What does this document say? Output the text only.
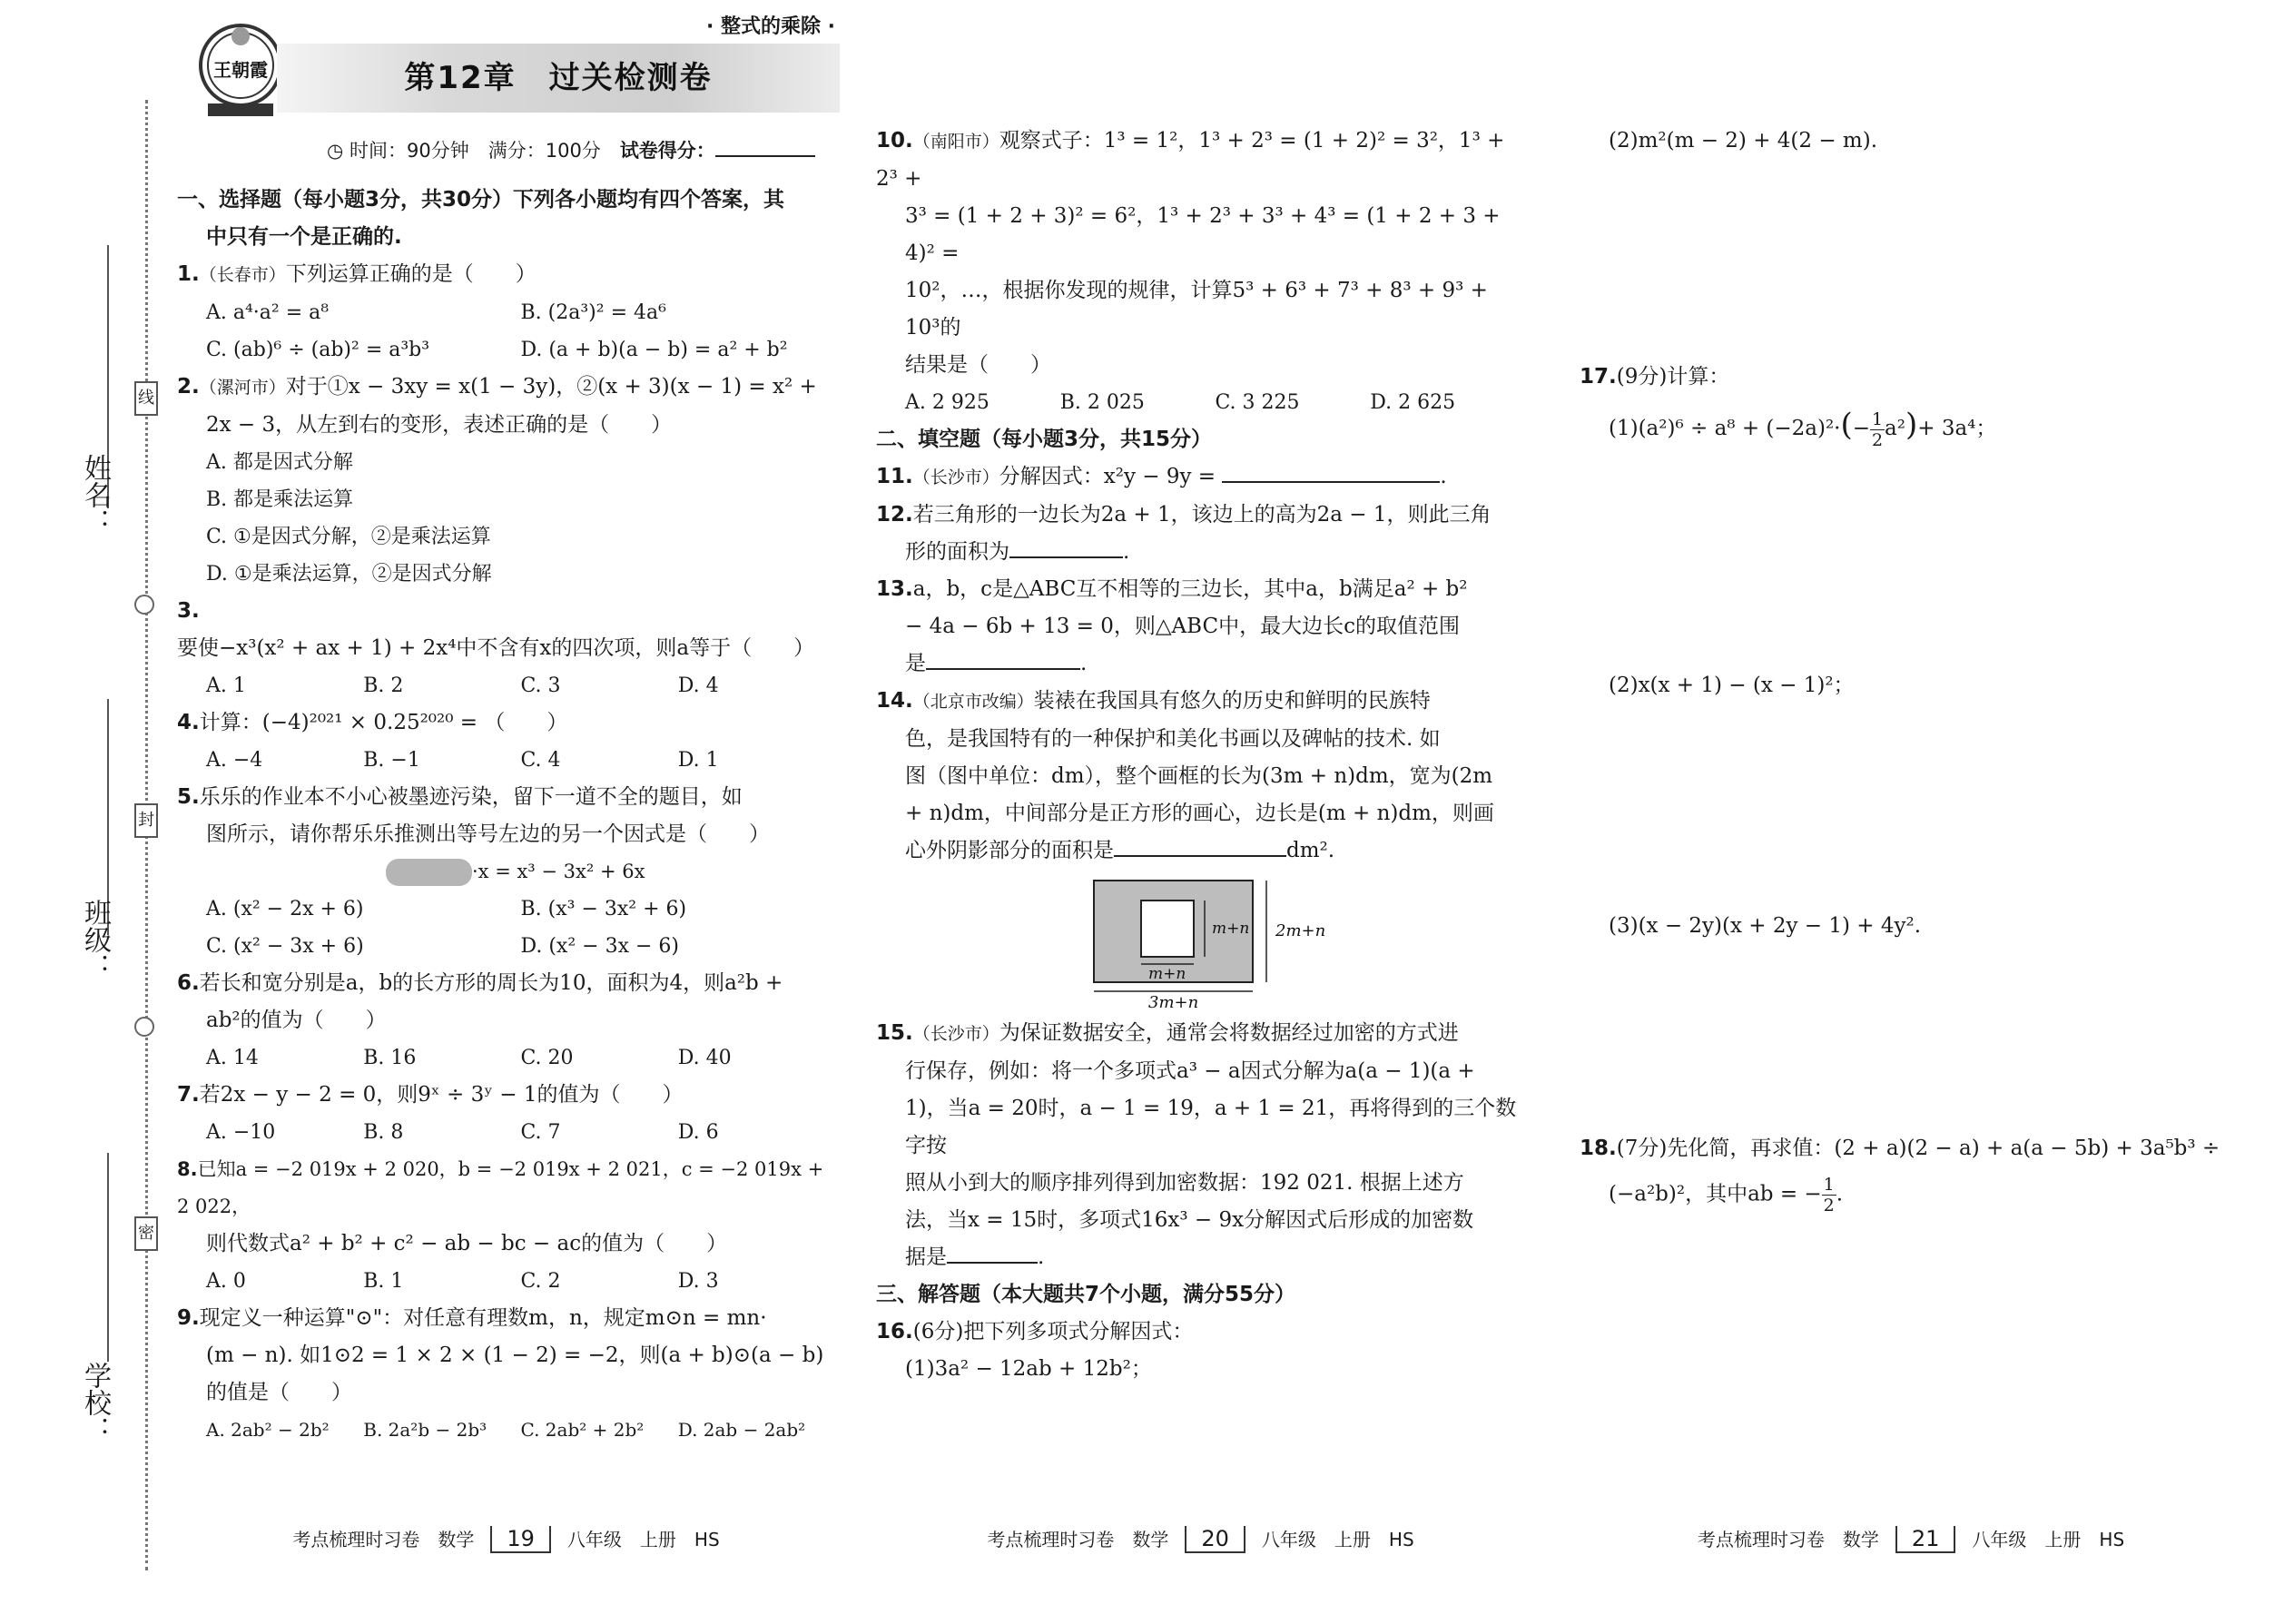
姓名：
班级：
学校：
线
封
密
王朝霞	第12章　过关检测卷
· 整式的乘除 ·
◷ 时间：90分钟　满分：100分　试卷得分：
一、选择题（每小题3分，共30分）下列各小题均有四个答案，其
中只有一个是正确的.
1.（长春市）下列运算正确的是（　　）
A. a⁴·a² = a⁸	B. (2a³)² = 4a⁶
C. (ab)⁶ ÷ (ab)² = a³b³	D. (a + b)(a − b) = a² + b²
2.（漯河市）对于①x − 3xy = x(1 − 3y)，②(x + 3)(x − 1) = x² +
2x − 3，从左到右的变形，表述正确的是（　　）
A. 都是因式分解
B. 都是乘法运算
C. ①是因式分解，②是乘法运算
D. ①是乘法运算，②是因式分解
3.要使−x³(x² + ax + 1) + 2x⁴中不含有x的四次项，则a等于（　　）
A. 1	B. 2	C. 3	D. 4
4.计算：(−4)²⁰²¹ × 0.25²⁰²⁰ = （　　）
A. −4	B. −1	C. 4	D. 1
5.乐乐的作业本不小心被墨迹污染，留下一道不全的题目，如
图所示，请你帮乐乐推测出等号左边的另一个因式是（　　）
·x = x³ − 3x² + 6x
A. (x² − 2x + 6)	B. (x³ − 3x² + 6)
C. (x² − 3x + 6)	D. (x² − 3x − 6)
6.若长和宽分别是a，b的长方形的周长为10，面积为4，则a²b +
ab²的值为（　　）
A. 14	B. 16	C. 20	D. 40
7.若2x − y − 2 = 0，则9ˣ ÷ 3ʸ − 1的值为（　　）
A. −10	B. 8	C. 7	D. 6
8.已知a = −2 019x + 2 020，b = −2 019x + 2 021，c = −2 019x + 2 022，
则代数式a² + b² + c² − ab − bc − ac的值为（　　）
A. 0	B. 1	C. 2	D. 3
9.现定义一种运算"⊙"：对任意有理数m，n，规定m⊙n = mn·
(m − n). 如1⊙2 = 1 × 2 × (1 − 2) = −2，则(a + b)⊙(a − b)
的值是（　　）
A. 2ab² − 2b²	B. 2a²b − 2b³	C. 2ab² + 2b²	D. 2ab − 2ab²
考点梳理时习卷　数学 19 八年级　上册　HS
10.（南阳市）观察式子：1³ = 1²，1³ + 2³ = (1 + 2)² = 3²，1³ + 2³ +
3³ = (1 + 2 + 3)² = 6²，1³ + 2³ + 3³ + 4³ = (1 + 2 + 3 + 4)² =
10²，…，根据你发现的规律，计算5³ + 6³ + 7³ + 8³ + 9³ + 10³的
结果是（　　）
A. 2 925	B. 2 025	C. 3 225	D. 2 625
二、填空题（每小题3分，共15分）
11.（长沙市）分解因式：x²y − 9y =	.
12.若三角形的一边长为2a + 1，该边上的高为2a − 1，则此三角
形的面积为	.
13.a，b，c是△ABC互不相等的三边长，其中a，b满足a² + b²
− 4a − 6b + 13 = 0，则△ABC中，最大边长c的取值范围
是	.
14.（北京市改编）装裱在我国具有悠久的历史和鲜明的民族特
色，是我国特有的一种保护和美化书画以及碑帖的技术. 如
图（图中单位：dm），整个画框的长为(3m + n)dm，宽为(2m
+ n)dm，中间部分是正方形的画心，边长是(m + n)dm，则画
心外阴影部分的面积是	dm².
m+n
m+n
2m+n
3m+n
15.（长沙市）为保证数据安全，通常会将数据经过加密的方式进
行保存，例如：将一个多项式a³ − a因式分解为a(a − 1)(a +
1)，当a = 20时，a − 1 = 19，a + 1 = 21，再将得到的三个数字按
照从小到大的顺序排列得到加密数据：192 021. 根据上述方
法，当x = 15时，多项式16x³ − 9x分解因式后形成的加密数
据是	.
三、解答题（本大题共7个小题，满分55分）
16.(6分)把下列多项式分解因式：
(1)3a² − 12ab + 12b²；
考点梳理时习卷　数学 20 八年级　上册　HS
(2)m²(m − 2) + 4(2 − m).
17.(9分)计算：
$(1)(a^2)^6 \div a^8 + (-2a)^2\cdot(- \frac{1}{2} a^2)+ 3a^4$；
(2)x(x + 1) − (x − 1)²；
(3)(x − 2y)(x + 2y − 1) + 4y².
18.(7分)先化简，再求值：(2 + a)(2 − a) + a(a − 5b) + 3a⁵b³ ÷
(−a²b)²，其中ab = − $\frac{1}{2}$ .
考点梳理时习卷　数学 21 八年级　上册　HS
